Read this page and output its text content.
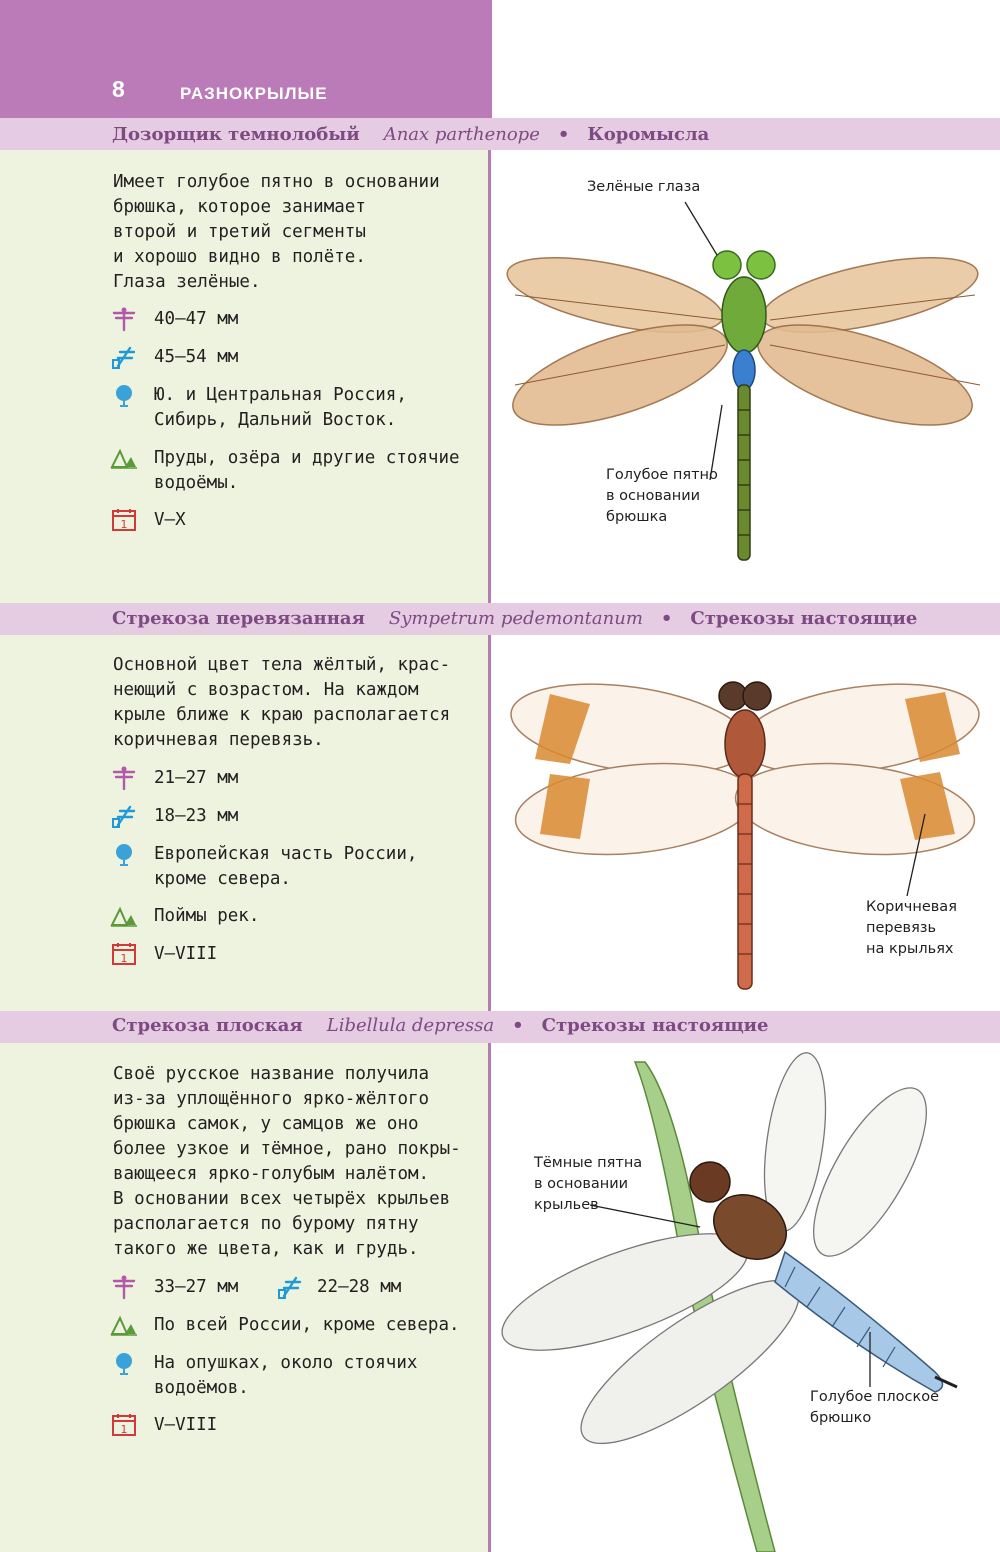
8	РАЗНОКРЫЛЫЕ
Дозорщик темнолобый Anax parthenope • Коромысла
Стрекоза перевязанная Sympetrum pedemontanum • Стрекозы настоящие
Стрекоза плоская Libellula depressa • Стрекозы настоящие
Имеет голубое пятно в основании
брюшка, которое занимает
второй и третий сегменты
и хорошо видно в полёте.
Глаза зелёные.
40–47 мм
45–54 мм
Ю. и Центральная Россия,
Сибирь, Дальний Восток.
Пруды, озёра и другие стоячие
водоёмы.
V–X
Основной цвет тела жёлтый, крас-
неющий с возрастом. На каждом
крыле ближе к краю располагается
коричневая перевязь.
21–27 мм
18–23 мм
Европейская часть России,
кроме севера.
Поймы рек.
V–VIII
Своё русское название получила
из-за уплощённого ярко-жёлтого
брюшка самок, у самцов же оно
более узкое и тёмное, рано покры-
вающееся ярко-голубым налётом.
В основании всех четырёх крыльев
располагается по бурому пятну
такого же цвета, как и грудь.
33–27 мм	22–28 мм
По всей России, кроме севера.
На опушках, около стоячих
водоёмов.
V–VIII
Зелёные глаза
Голубое пятно
в основании
брюшка
Коричневая
перевязь
на крыльях
Тёмные пятна
в основании
крыльев
Голубое плоское
брюшко
